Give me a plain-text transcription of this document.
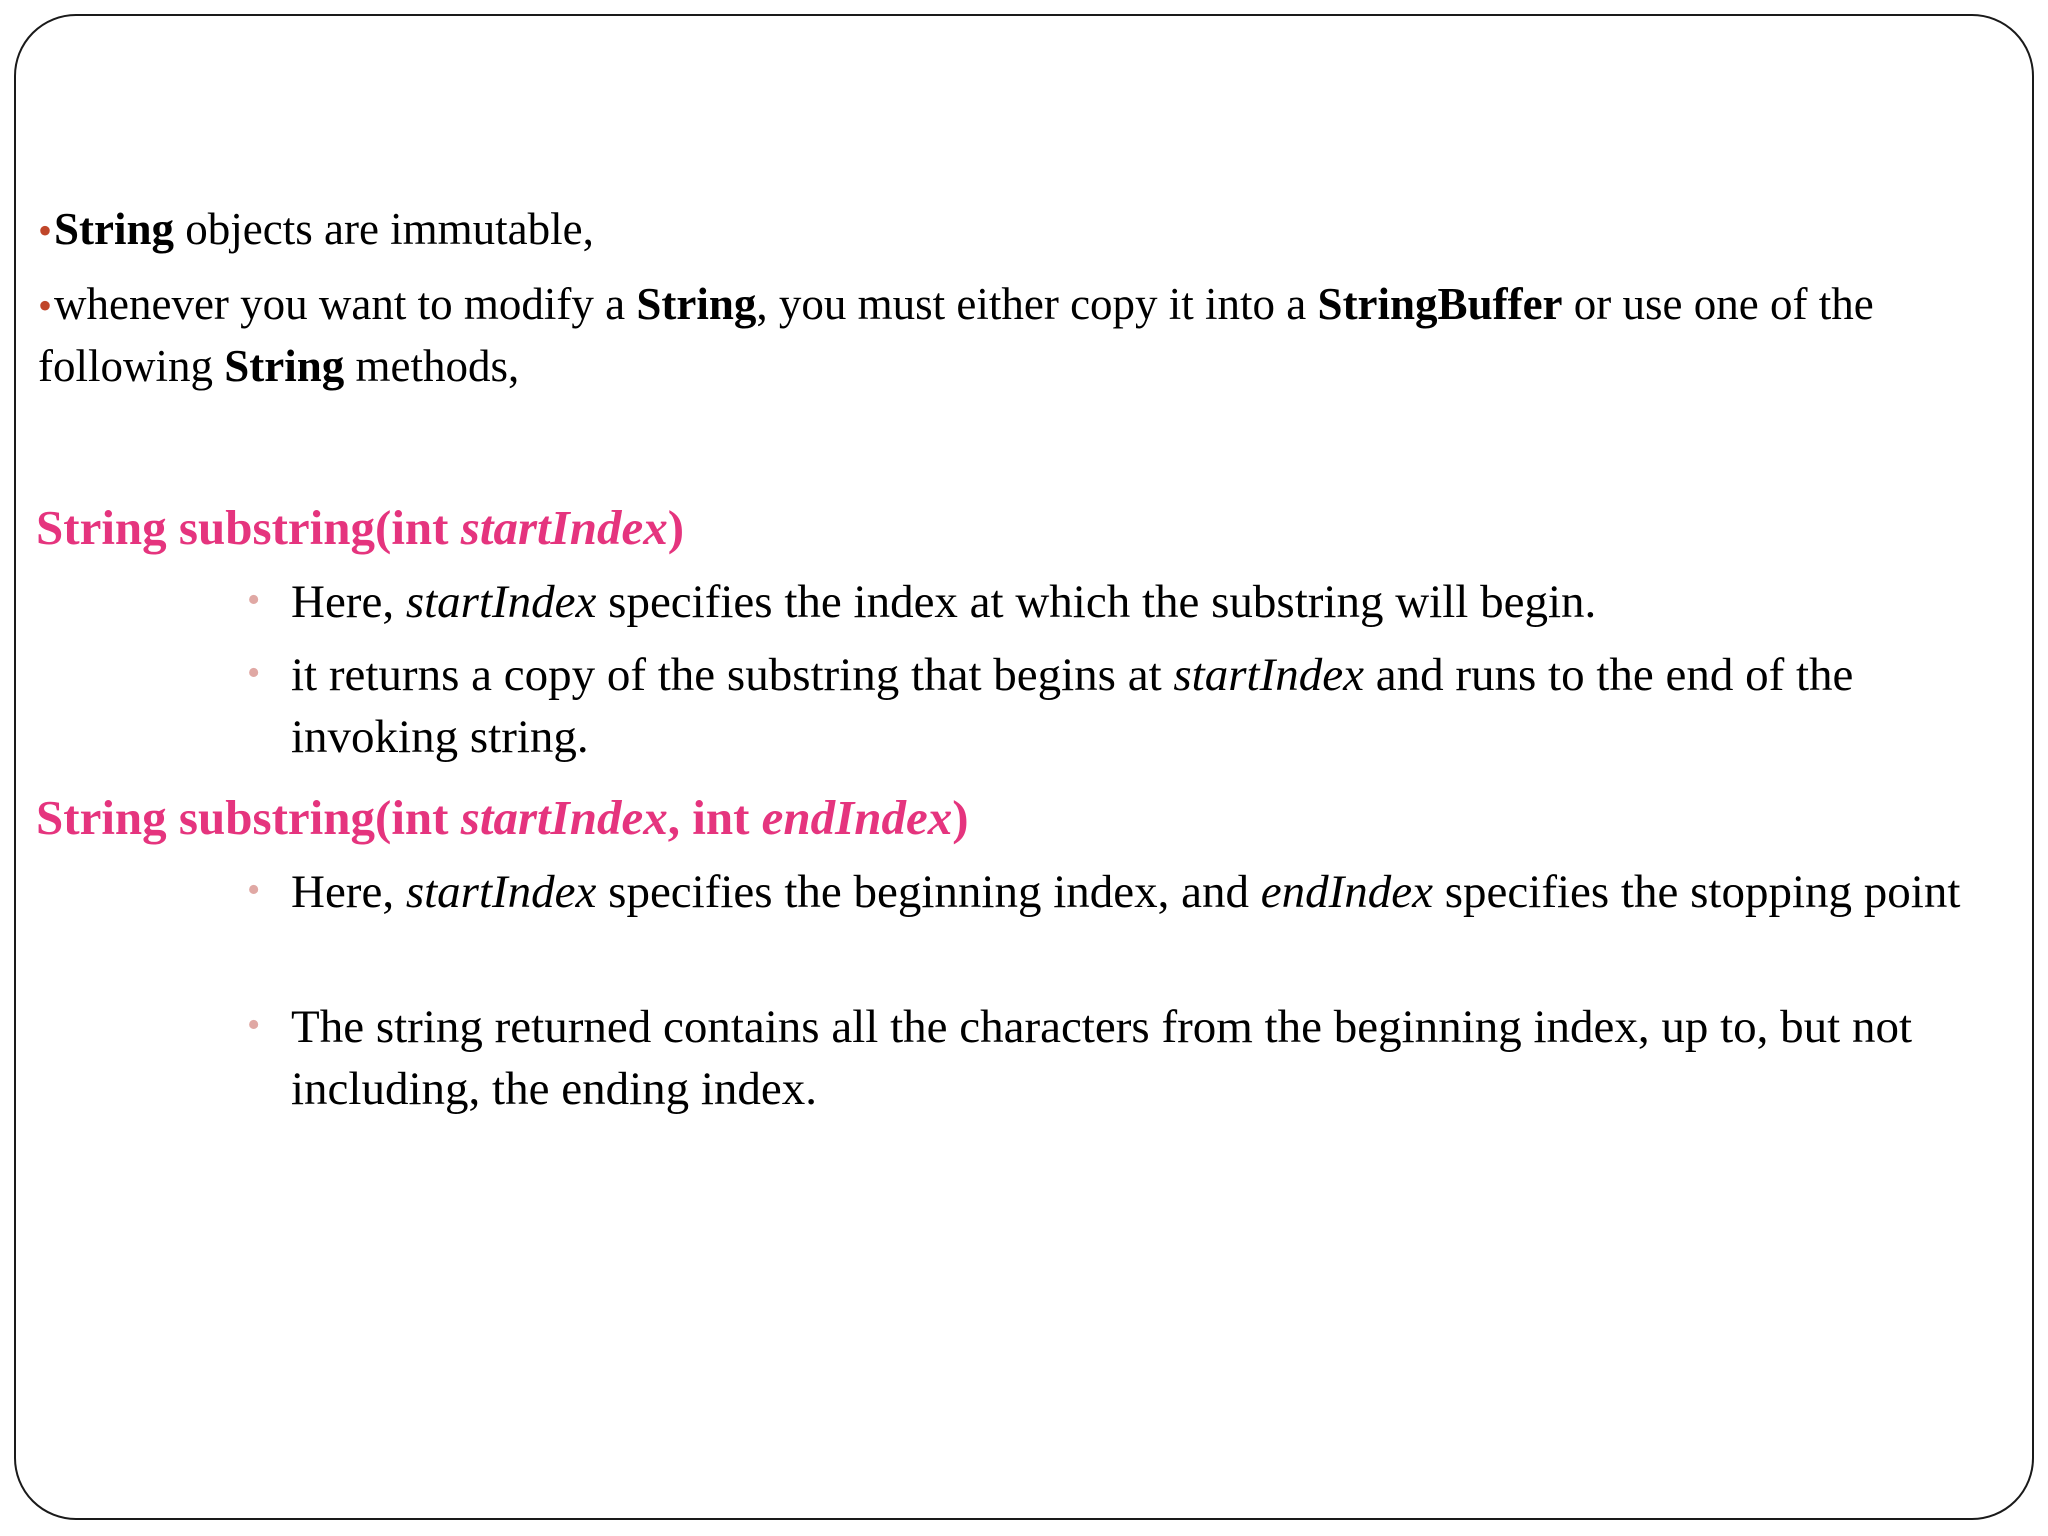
•String objects are immutable,
•whenever you want to modify a String, you must either copy it into a StringBuffer or use one of the following String methods,
String substring(int startIndex)
• Here, startIndex specifies the index at which the substring will begin.
• it returns a copy of the substring that begins at startIndex and runs to the end of the invoking string.
String substring(int startIndex, int endIndex)
• Here, startIndex specifies the beginning index, and endIndex specifies the stopping point
• The string returned contains all the characters from the beginning index, up to, but not including, the ending index.
